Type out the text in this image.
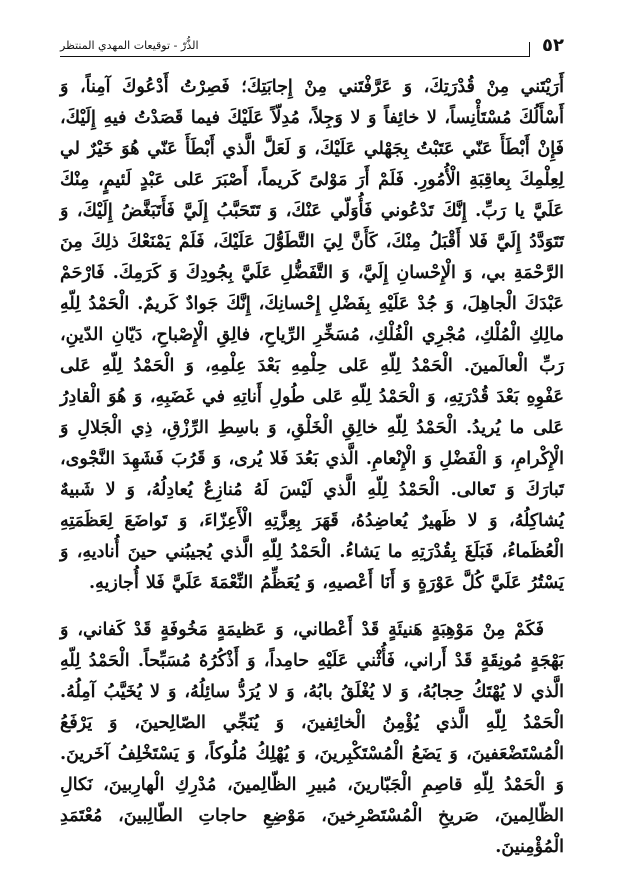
٥٢
الذُّرّ - توقيعات المهدي المنتظر

أَرَيْتَني مِنْ قُدْرَتِكَ، وَ عَرَّفْتَني مِنْ إِجابَتِكَ؛ فَصِرْتُ أَدْعُوكَ آمِناً، وَ أَسْأَلُكَ مُسْتَأْنِساً، لا خائِفاً وَ لا وَجِلاً، مُدِلّاً عَلَيْكَ فيما قَصَدْتُ فيهِ إِلَيْكَ، فَإِنْ أَبْطَأَ عَنّي عَتَبْتُ بِجَهْلي عَلَيْكَ، وَ لَعَلَّ الَّذي أَبْطَأَ عَنّي هُوَ خَيْرٌ لي لِعِلْمِكَ بِعاقِبَةِ الْأُمُورِ. فَلَمْ أَرَ مَوْلىً كَريماً، أَصْبَرَ عَلى عَبْدٍ لَئيمٍ، مِنْكَ عَلَيَّ يا رَبِّ. إِنَّكَ تَدْعُوني فَأُوَلّي عَنْكَ، وَ تَتَحَبَّبُ إِلَيَّ فَأَتَبَغَّضُ إِلَيْكَ، وَ تَتَوَدَّدُ إِلَيَّ فَلا أَقْبَلُ مِنْكَ، كَأَنَّ لِيَ التَّطَوُّلَ عَلَيْكَ، فَلَمْ يَمْنَعْكَ ذلِكَ مِنَ الرَّحْمَةِ بي، وَ الْإِحْسانِ إِلَيَّ، وَ التَّفَضُّلِ عَلَيَّ بِجُودِكَ وَ كَرَمِكَ. فَارْحَمْ عَبْدَكَ الْجاهِلَ، وَ جُدْ عَلَيْهِ بِفَضْلِ إِحْسانِكَ، إِنَّكَ جَوادٌ كَريمٌ. الْحَمْدُ لِلّهِ مالِكِ الْمُلْكِ، مُجْرِي الْفُلْكِ، مُسَخِّرِ الرِّياحِ، فالِقِ الْإِصْباحِ، دَيّانِ الدّينِ، رَبِّ الْعالَمينَ. الْحَمْدُ لِلّهِ عَلى حِلْمِهِ بَعْدَ عِلْمِهِ، وَ الْحَمْدُ لِلّهِ عَلى عَفْوِهِ بَعْدَ قُدْرَتِهِ، وَ الْحَمْدُ لِلّهِ عَلى طُولِ أَناتِهِ في غَضَبِهِ، وَ هُوَ الْقادِرُ عَلى ما يُريدُ. الْحَمْدُ لِلّهِ خالِقِ الْخَلْقِ، وَ باسِطِ الرِّزْقِ، ذِي الْجَلالِ وَ الْإِكْرامِ، وَ الْفَضْلِ وَ الْإِنْعامِ. الَّذي بَعُدَ فَلا يُرى، وَ قَرُبَ فَشَهِدَ النَّجْوى، تَبارَكَ وَ تَعالى. الْحَمْدُ لِلّهِ الَّذي لَيْسَ لَهُ مُنازِعٌ يُعادِلُهُ، وَ لا شَبيهٌ يُشاكِلُهُ، وَ لا ظَهيرٌ يُعاضِدُهُ، قَهَرَ بِعِزَّتِهِ الْأَعِزّاءَ، وَ تَواضَعَ لِعَظَمَتِهِ الْعُظَماءُ، فَبَلَغَ بِقُدْرَتِهِ ما يَشاءُ. الْحَمْدُ لِلّهِ الَّذي يُجيبُني حينَ أُناديهِ، وَ يَسْتُرُ عَلَيَّ كُلَّ عَوْرَةٍ وَ أَنَا أَعْصيهِ، وَ يُعَظِّمُ النِّعْمَةَ عَلَيَّ فَلا أُجازيهِ.

فَكَمْ مِنْ مَوْهِبَةٍ هَنيئَةٍ قَدْ أَعْطاني، وَ عَظيمَةٍ مَخُوفَةٍ قَدْ كَفاني، وَ بَهْجَةٍ مُونِقَةٍ قَدْ أَراني، فَأُثْني عَلَيْهِ حامِداً، وَ أَذْكُرُهُ مُسَبِّحاً. الْحَمْدُ لِلّهِ الَّذي لا يُهْتَكُ حِجابُهُ، وَ لا يُغْلَقُ بابُهُ، وَ لا يُرَدُّ سائِلُهُ، وَ لا يُخَيَّبُ آمِلُهُ. الْحَمْدُ لِلّهِ الَّذي يُؤْمِنُ الْخائِفينَ، وَ يُنَجِّي الصّالِحينَ، وَ يَرْفَعُ الْمُسْتَضْعَفينَ، وَ يَضَعُ الْمُسْتَكْبِرينَ، وَ يُهْلِكُ مُلُوكاً، وَ يَسْتَخْلِفُ آخَرينَ. وَ الْحَمْدُ لِلّهِ قاصِمِ الْجَبّارينَ، مُبيرِ الظّالِمينَ، مُدْرِكِ الْهارِبينَ، نَكالِ الظّالِمينَ، صَريخِ الْمُسْتَصْرِخينَ، مَوْضِعِ حاجاتِ الطّالِبينَ، مُعْتَمَدِ الْمُؤْمِنينَ.
